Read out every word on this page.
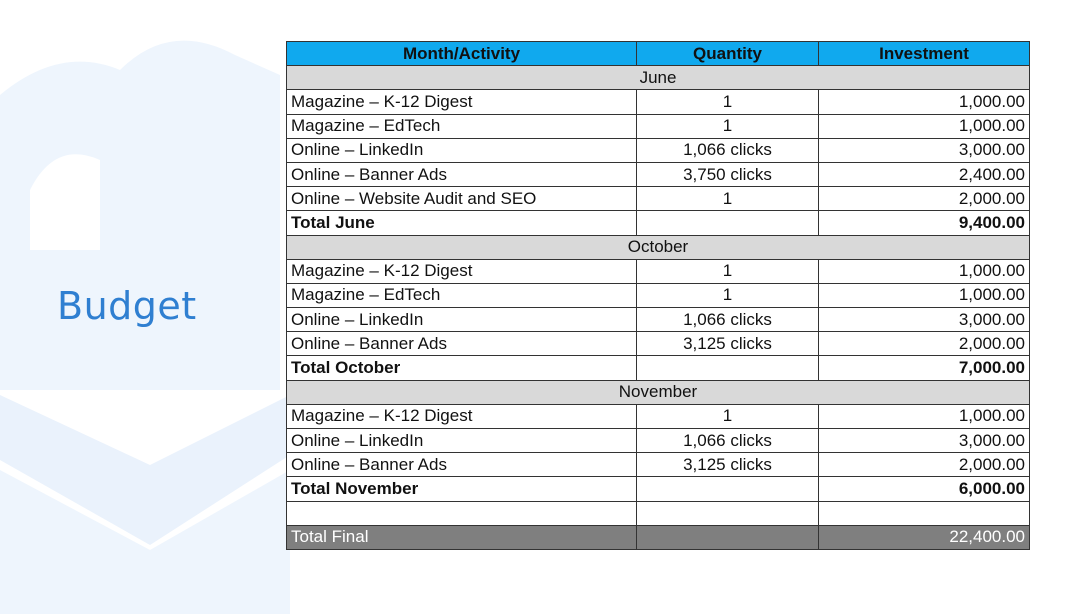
Budget
Month/Activity	Quantity	Investment
June		
Magazine – K-12 Digest	1	1,000.00
Magazine – EdTech	1	1,000.00
Online – LinkedIn	1,066 clicks	3,000.00
Online – Banner Ads	3,750 clicks	2,400.00
Online – Website Audit and SEO	1	2,000.00
Total June		9,400.00
October		
Magazine – K-12 Digest	1	1,000.00
Magazine – EdTech	1	1,000.00
Online – LinkedIn	1,066 clicks	3,000.00
Online – Banner Ads	3,125 clicks	2,000.00
Total October		7,000.00
November		
Magazine – K-12 Digest	1	1,000.00
Online – LinkedIn	1,066 clicks	3,000.00
Online – Banner Ads	3,125 clicks	2,000.00
Total November		6,000.00

Total Final		22,400.00
